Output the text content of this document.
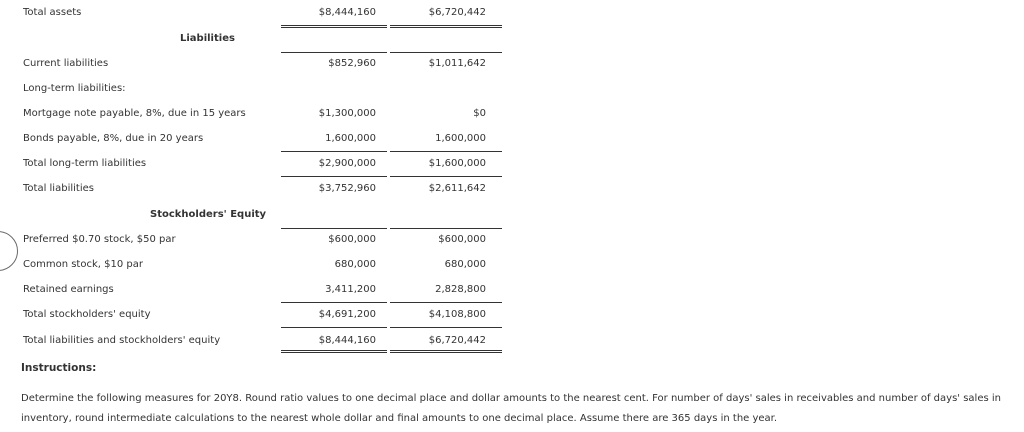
Total assets	$8,444,160	$6,720,442
Liabilities
Current liabilities	$852,960	$1,011,642
Long-term liabilities:
Mortgage note payable, 8%, due in 15 years	$1,300,000	$0
Bonds payable, 8%, due in 20 years	1,600,000	1,600,000
Total long-term liabilities	$2,900,000	$1,600,000
Total liabilities	$3,752,960	$2,611,642
Stockholders' Equity
Preferred $0.70 stock, $50 par	$600,000	$600,000
Common stock, $10 par	680,000	680,000
Retained earnings	3,411,200	2,828,800
Total stockholders' equity	$4,691,200	$4,108,800
Total liabilities and stockholders' equity	$8,444,160	$6,720,442
Instructions:
Determine the following measures for 20Y8. Round ratio values to one decimal place and dollar amounts to the nearest cent. For number of days' sales in receivables and number of days' sales in inventory, round intermediate calculations to the nearest whole dollar and final amounts to one decimal place. Assume there are 365 days in the year.
